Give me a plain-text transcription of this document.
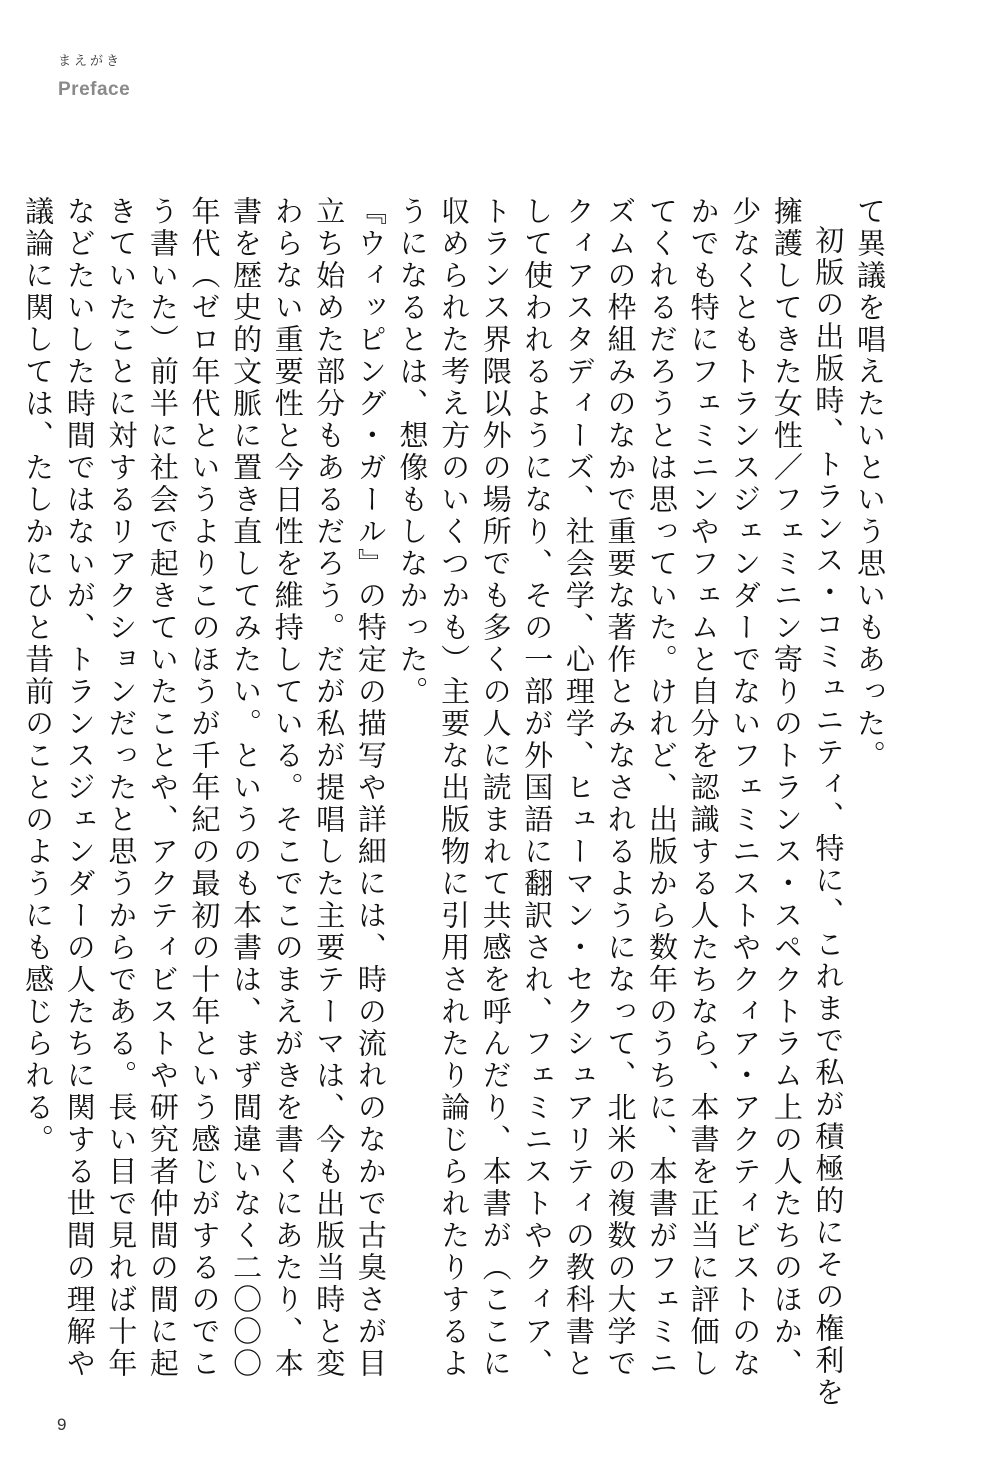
まえがき
Preface

て異議を唱えたいという思いもあった。

初版の出版時、トランス・コミュニティ、特に、これまで私が積極的にその権利を擁護してきた女性／フェミニン寄りのトランス・スペクトラム上の人たちのほか、少なくともトランスジェンダーでないフェミニストやクィア・アクティビストのなかでも特にフェミニンやフェムと自分を認識する人たちなら、本書を正当に評価してくれるだろうとは思っていた。けれど、出版から数年のうちに、本書がフェミニズムの枠組みのなかで重要な著作とみなされるようになって、北米の複数の大学でクィアスタディーズ、社会学、心理学、ヒューマン・セクシュアリティの教科書として使われるようになり、その一部が外国語に翻訳され、フェミニストやクィア、トランス界隈以外の場所でも多くの人に読まれて共感を呼んだり、本書が（ここに収められた考え方のいくつかも）主要な出版物に引用されたり論じられたりするようになるとは、想像もしなかった。

『ウィッピング・ガール』の特定の描写や詳細には、時の流れのなかで古臭さが目立ち始めた部分もあるだろう。だが私が提唱した主要テーマは、今も出版当時と変わらない重要性と今日性を維持している。そこでこのまえがきを書くにあたり、本書を歴史的文脈に置き直してみたい。というのも本書は、まず間違いなく二〇〇〇年代（ゼロ年代というよりこのほうが千年紀の最初の十年という感じがするのでこう書いた）前半に社会で起きていたことや、アクティビストや研究者仲間の間に起きていたことに対するリアクションだったと思うからである。長い目で見れば十年などたいした時間ではないが、トランスジェンダーの人たちに関する世間の理解や議論に関しては、たしかにひと昔前のことのようにも感じられる。

9
